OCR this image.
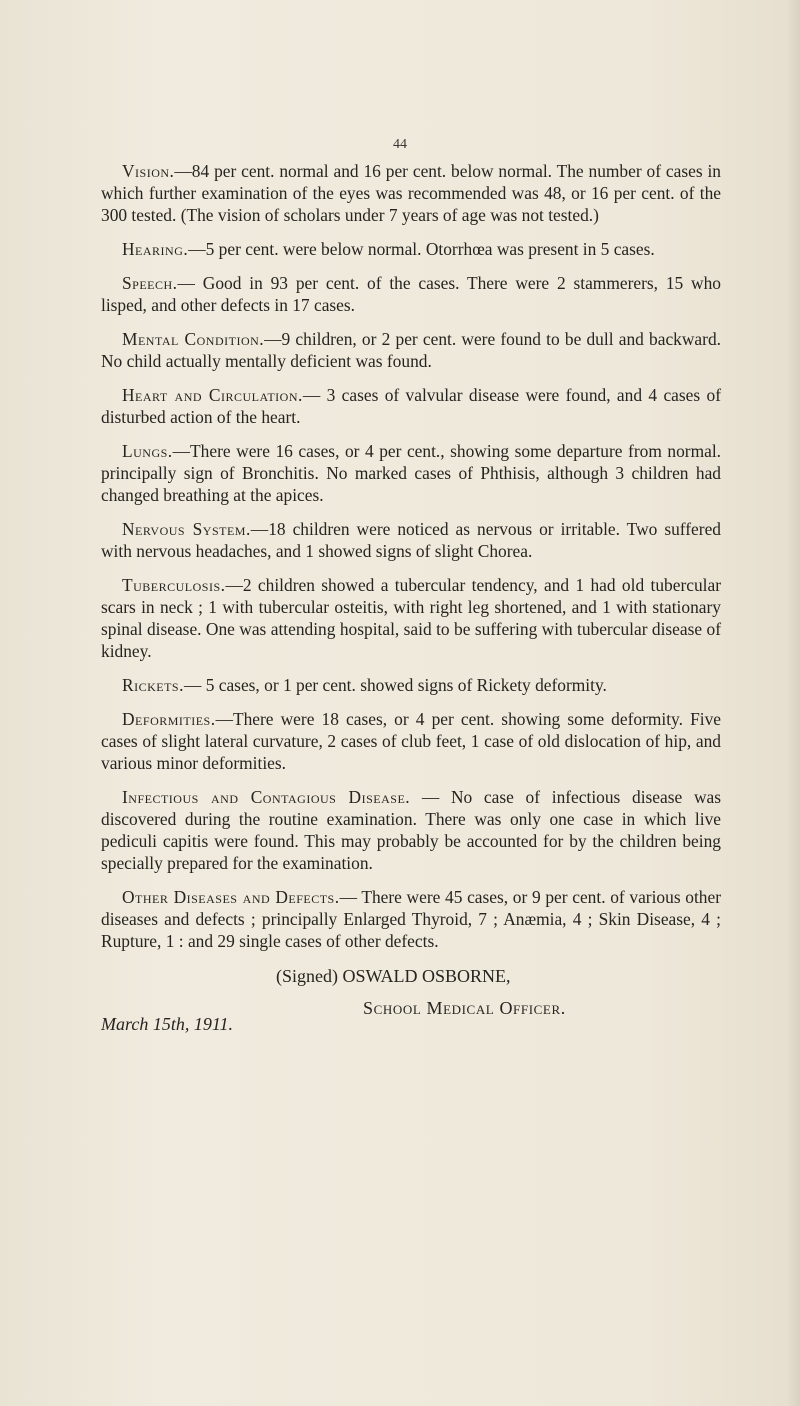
44

Vision.—84 per cent. normal and 16 per cent. below normal. The number of cases in which further examination of the eyes was recommended was 48, or 16 per cent. of the 300 tested. (The vision of scholars under 7 years of age was not tested.)

Hearing.—5 per cent. were below normal. Otorrhœa was present in 5 cases.

Speech.— Good in 93 per cent. of the cases. There were 2 stammerers, 15 who lisped, and other defects in 17 cases.

Mental Condition.—9 children, or 2 per cent. were found to be dull and backward. No child actually mentally deficient was found.

Heart and Circulation.— 3 cases of valvular disease were found, and 4 cases of disturbed action of the heart.

Lungs.—There were 16 cases, or 4 per cent., showing some departure from normal. principally sign of Bronchitis. No marked cases of Phthisis, although 3 children had changed breathing at the apices.

Nervous System.—18 children were noticed as nervous or irritable. Two suffered with nervous headaches, and 1 showed signs of slight Chorea.

Tuberculosis.—2 children showed a tubercular tendency, and 1 had old tubercular scars in neck ; 1 with tubercular osteitis, with right leg shortened, and 1 with stationary spinal disease. One was attending hospital, said to be suffering with tubercular disease of kidney.

Rickets.— 5 cases, or 1 per cent. showed signs of Rickety deformity.

Deformities.—There were 18 cases, or 4 per cent. showing some deformity. Five cases of slight lateral curvature, 2 cases of club feet, 1 case of old dislocation of hip, and various minor deformities.

Infectious and Contagious Disease. — No case of infectious disease was discovered during the routine examination. There was only one case in which live pediculi capitis were found. This may probably be accounted for by the children being specially prepared for the examination.

Other Diseases and Defects.— There were 45 cases, or 9 per cent. of various other diseases and defects ; principally Enlarged Thyroid, 7 ; Anæmia, 4 ; Skin Disease, 4 ; Rupture, 1 : and 29 single cases of other defects.

(Signed) OSWALD OSBORNE,
School Medical Officer.
March 15th, 1911.
